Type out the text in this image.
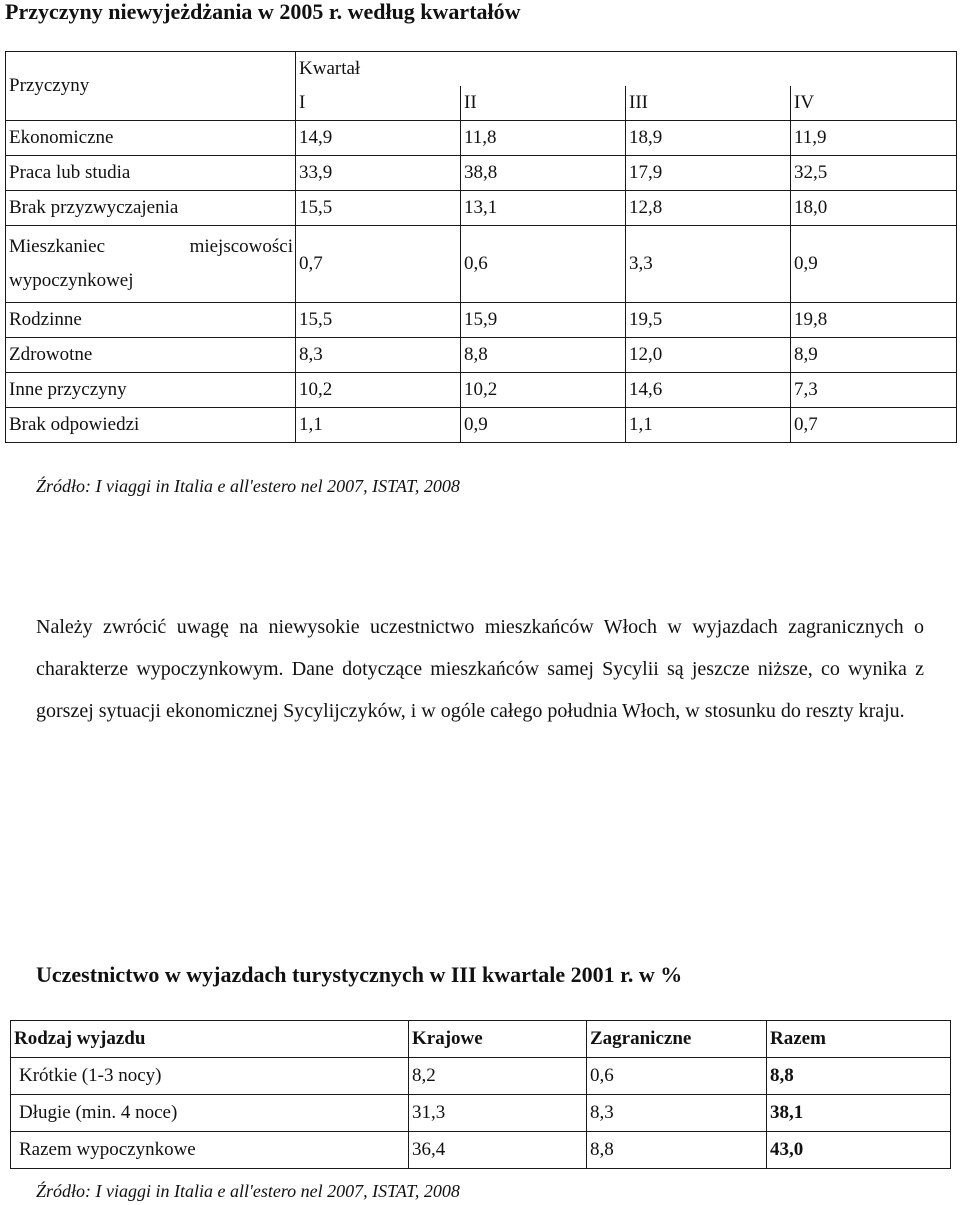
Przyczyny niewyjeżdżania w 2005 r. według kwartałów
Przyczyny	Kwartał			
	I	II	III	IV
Ekonomiczne	14,9	11,8	18,9	11,9
Praca lub studia	33,9	38,8	17,9	32,5
Brak przyzwyczajenia	15,5	13,1	12,8	18,0

Mieszkaniec miejscowości
wypoczynkowej	0,7	0,6	3,3	0,9
Rodzinne	15,5	15,9	19,5	19,8
Zdrowotne	8,3	8,8	12,0	8,9
Inne przyczyny	10,2	10,2	14,6	7,3
Brak odpowiedzi	1,1	0,9	1,1	0,7
Źródło: I viaggi in Italia e all'estero nel 2007, ISTAT, 2008
Należy zwrócić uwagę na niewysokie uczestnictwo mieszkańców Włoch w wyjazdach zagranicznych o charakterze wypoczynkowym. Dane dotyczące mieszkańców samej Sycylii są jeszcze niższe, co wynika z gorszej sytuacji ekonomicznej Sycylijczyków, i w ogóle całego południa Włoch, w stosunku do reszty kraju.
Uczestnictwo w wyjazdach turystycznych w III kwartale 2001 r. w %
Rodzaj wyjazdu	Krajowe	Zagraniczne	Razem
Krótkie (1-3 nocy)	8,2	0,6	8,8
Długie (min. 4 noce)	31,3	8,3	38,1
Razem wypoczynkowe	36,4	8,8	43,0
Źródło: I viaggi in Italia e all'estero nel 2007, ISTAT, 2008
